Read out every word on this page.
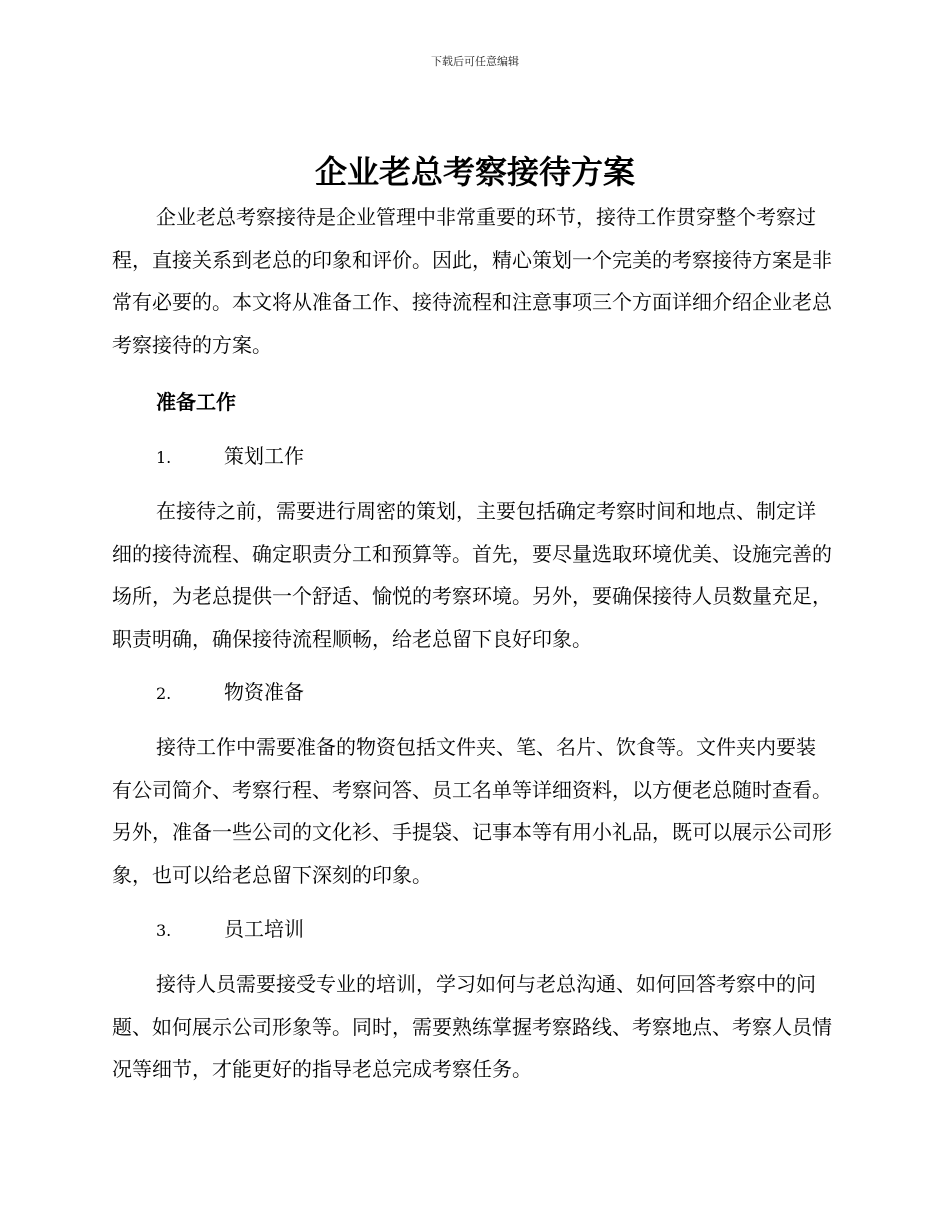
下载后可任意编辑
企业老总考察接待方案

企业老总考察接待是企业管理中非常重要的环节，接待工作贯穿整个考察过程，直接关系到老总的印象和评价。因此，精心策划一个完美的考察接待方案是非常有必要的。本文将从准备工作、接待流程和注意事项三个方面详细介绍企业老总考察接待的方案。

准备工作
1.	策划工作

在接待之前，需要进行周密的策划，主要包括确定考察时间和地点、制定详细的接待流程、确定职责分工和预算等。首先，要尽量选取环境优美、设施完善的场所，为老总提供一个舒适、愉悦的考察环境。另外，要确保接待人员数量充足，职责明确，确保接待流程顺畅，给老总留下良好印象。

2.	物资准备

接待工作中需要准备的物资包括文件夹、笔、名片、饮食等。文件夹内要装有公司简介、考察行程、考察问答、员工名单等详细资料，以方便老总随时查看。另外，准备一些公司的文化衫、手提袋、记事本等有用小礼品，既可以展示公司形象，也可以给老总留下深刻的印象。

3.	员工培训

接待人员需要接受专业的培训，学习如何与老总沟通、如何回答考察中的问题、如何展示公司形象等。同时，需要熟练掌握考察路线、考察地点、考察人员情况等细节，才能更好的指导老总完成考察任务。
